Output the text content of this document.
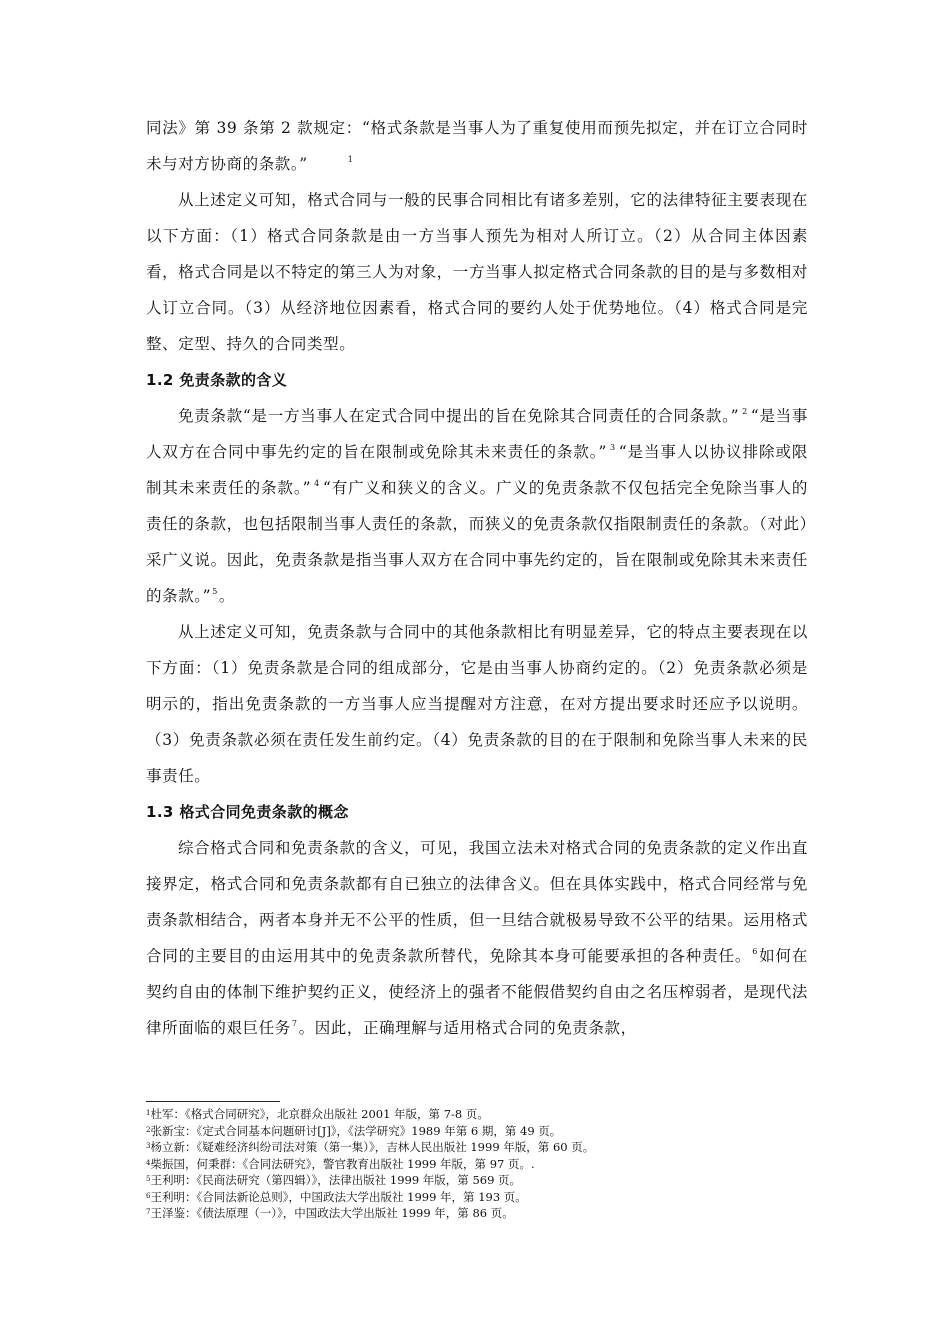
同法》第 39 条第 2 款规定：“格式条款是当事人为了重复使用而预先拟定，并在订立合同时未与对方协商的条款。”	$^1$

从上述定义可知，格式合同与一般的民事合同相比有诸多差别，它的法律特征主要表现在以下方面：（1）格式合同条款是由一方当事人预先为相对人所订立。（2）从合同主体因素看，格式合同是以不特定的第三人为对象，一方当事人拟定格式合同条款的目的是与多数相对人订立合同。（3）从经济地位因素看，格式合同的要约人处于优势地位。（4）格式合同是完整、定型、持久的合同类型。

1.2 免责条款的含义

免责条款“是一方当事人在定式合同中提出的旨在免除其合同责任的合同条款。” $^2$ “是当事人双方在合同中事先约定的旨在限制或免除其未来责任的条款。” $^3$ “是当事人以协议排除或限制其未来责任的条款。” $^4$ “有广义和狭义的含义。广义的免责条款不仅包括完全免除当事人的责任的条款，也包括限制当事人责任的条款，而狭义的免责条款仅指限制责任的条款。（对此）采广义说。因此，免责条款是指当事人双方在合同中事先约定的，旨在限制或免除其未来责任的条款。”$^5$。

从上述定义可知，免责条款与合同中的其他条款相比有明显差异，它的特点主要表现在以下方面：（1）免责条款是合同的组成部分，它是由当事人协商约定的。（2）免责条款必须是明示的，指出免责条款的一方当事人应当提醒对方注意，在对方提出要求时还应予以说明。（3）免责条款必须在责任发生前约定。（4）免责条款的目的在于限制和免除当事人未来的民事责任。

1.3 格式合同免责条款的概念

综合格式合同和免责条款的含义，可见，我国立法未对格式合同的免责条款的定义作出直接界定，格式合同和免责条款都有自已独立的法律含义。但在具体实践中，格式合同经常与免责条款相结合，两者本身并无不公平的性质，但一旦结合就极易导致不公平的结果。运用格式合同的主要目的由运用其中的免责条款所替代，免除其本身可能要承担的各种责任。$^6$如何在契约自由的体制下维护契约正义，使经济上的强者不能假借契约自由之名压榨弱者，是现代法律所面临的艰巨任务$^7$。因此，正确理解与适用格式合同的免责条款，

$^1$杜军：《格式合同研究》，北京群众出版社 2001 年版，第 7-8 页。
$^2$张新宝：《定式合同基本问题研讨[J]》，《法学研究》1989 年第 6 期，第 49 页。
$^3$杨立新：《疑难经济纠纷司法对策（第一集）》，吉林人民出版社 1999 年版，第 60 页。
$^4$柴振国，何秉群：《合同法研究》，警官教育出版社 1999 年版，第 97 页。.
$^5$王利明：《民商法研究（第四辑）》，法律出版社 1999 年版，第 569 页。
$^6$王利明：《合同法新论总则》，中国政法大学出版社 1999 年，第 193 页。
$^7$王泽鉴：《债法原理（一）》，中国政法大学出版社 1999 年，第 86 页。
